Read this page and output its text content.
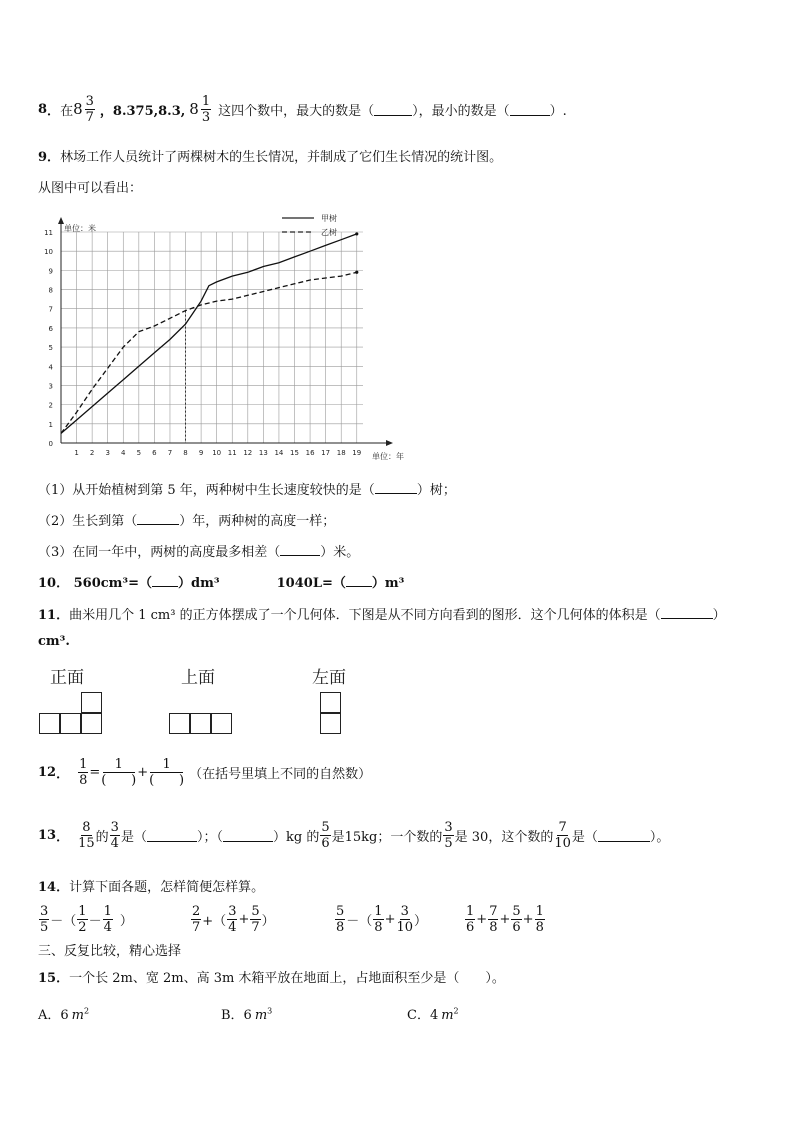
8 ． 在 $8 \frac{3}{7}$ ，8.375,8.3, $8 \frac{1}{3}$ 这四个数中，最大的数是（	），最小的数是（	）.
9．林场工作人员统计了两棵树木的生长情况，并制成了它们生长情况的统计图。
从图中可以看出：
1 2 3 4 5 6 7 8 9 10 11 12 13 14 15 16 17 18 19
0
1
2
3
4
5
6
7
8
9
10
11 单位：米
单位：年
甲树
乙树
（1）从开始植树到第 5 年，两种树中生长速度较快的是（	）树；
（2）生长到第（	）年，两种树的高度一样；
（3）在同一年中，两树的高度最多相差（	）米。
10． 560cm³=（ ）dm³	1040L=（ ）m³
11．曲米用几个 1 cm³ 的正方体摆成了一个几何体．下图是从不同方向看到的图形．这个几何体的体积是（	）
cm³.
正面	上面	左面
12 ． $\frac{1}{8} = \frac{1}{( )} + \frac{1}{( )}$ （在括号里填上不同的自然数）
13 ． $\frac{8}{15}$ 的 $\frac{3}{4}$ 是（	）；（	）kg 的 $\frac{5}{6}$ 是15kg；一个数的 $\frac{3}{5}$ 是 30，这个数的 $\frac{7}{10}$ 是（	）。
14．计算下面各题，怎样简便怎样算。
$\frac{3}{5}$ －（ $\frac{1}{2} - \frac{1}{4}$ ）	$\frac{2}{7}$ +（ $\frac{3}{4} + \frac{5}{7}$ ）	$\frac{5}{8}$ －（ $\frac{1}{8} + \frac{3}{10}$ ）	$\frac{1}{6} + \frac{7}{8} + \frac{5}{6} + \frac{1}{8}$
三、反复比较，精心选择
15．一个长 2m、宽 2m、高 3m 木箱平放在地面上，占地面积至少是（　　）。
A．6 $m^2$	B．6 $m^3$	C．4 $m^2$
